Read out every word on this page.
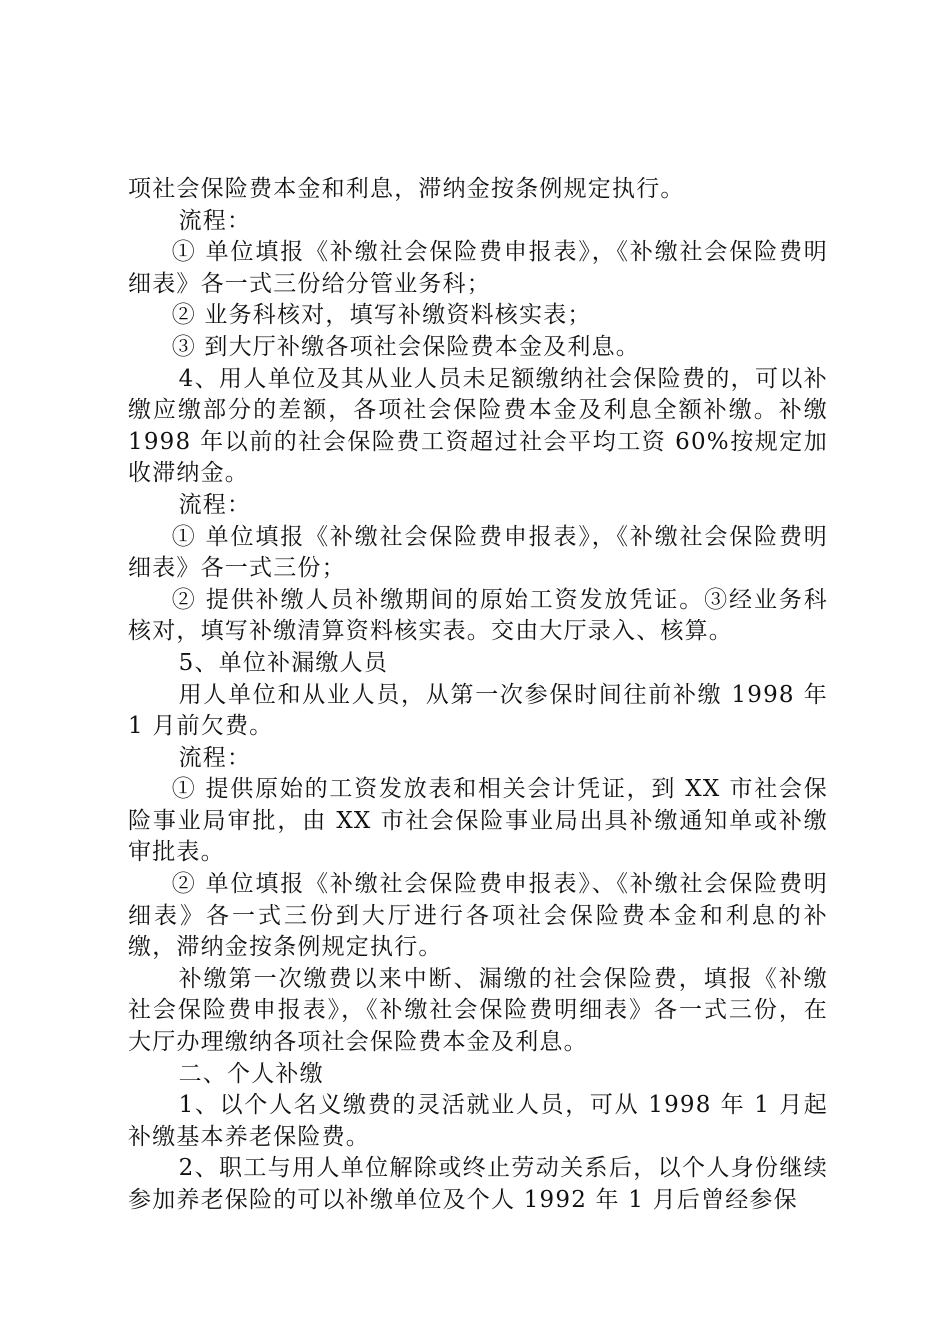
项社会保险费本金和利息，滞纳金按条例规定执行。

流程：

① 单位填报《补缴社会保险费申报表》，《补缴社会保险费明细表》各一式三份给分管业务科；

② 业务科核对，填写补缴资料核实表；

③ 到大厅补缴各项社会保险费本金及利息。

4、用人单位及其从业人员未足额缴纳社会保险费的，可以补缴应缴部分的差额，各项社会保险费本金及利息全额补缴。补缴 1998 年以前的社会保险费工资超过社会平均工资 60%按规定加收滞纳金。

流程：

① 单位填报《补缴社会保险费申报表》，《补缴社会保险费明细表》各一式三份；

② 提供补缴人员补缴期间的原始工资发放凭证。③经业务科核对，填写补缴清算资料核实表。交由大厅录入、核算。

5、单位补漏缴人员

用人单位和从业人员，从第一次参保时间往前补缴 1998 年 1 月前欠费。

流程：

① 提供原始的工资发放表和相关会计凭证，到 XX 市社会保险事业局审批，由 XX 市社会保险事业局出具补缴通知单或补缴审批表。

② 单位填报《补缴社会保险费申报表》、《补缴社会保险费明细表》各一式三份到大厅进行各项社会保险费本金和利息的补缴，滞纳金按条例规定执行。

补缴第一次缴费以来中断、漏缴的社会保险费，填报《补缴社会保险费申报表》，《补缴社会保险费明细表》各一式三份，在大厅办理缴纳各项社会保险费本金及利息。

二、个人补缴

1、以个人名义缴费的灵活就业人员，可从 1998 年 1 月起补缴基本养老保险费。

2、职工与用人单位解除或终止劳动关系后，以个人身份继续参加养老保险的可以补缴单位及个人 1992 年 1 月后曾经参保
